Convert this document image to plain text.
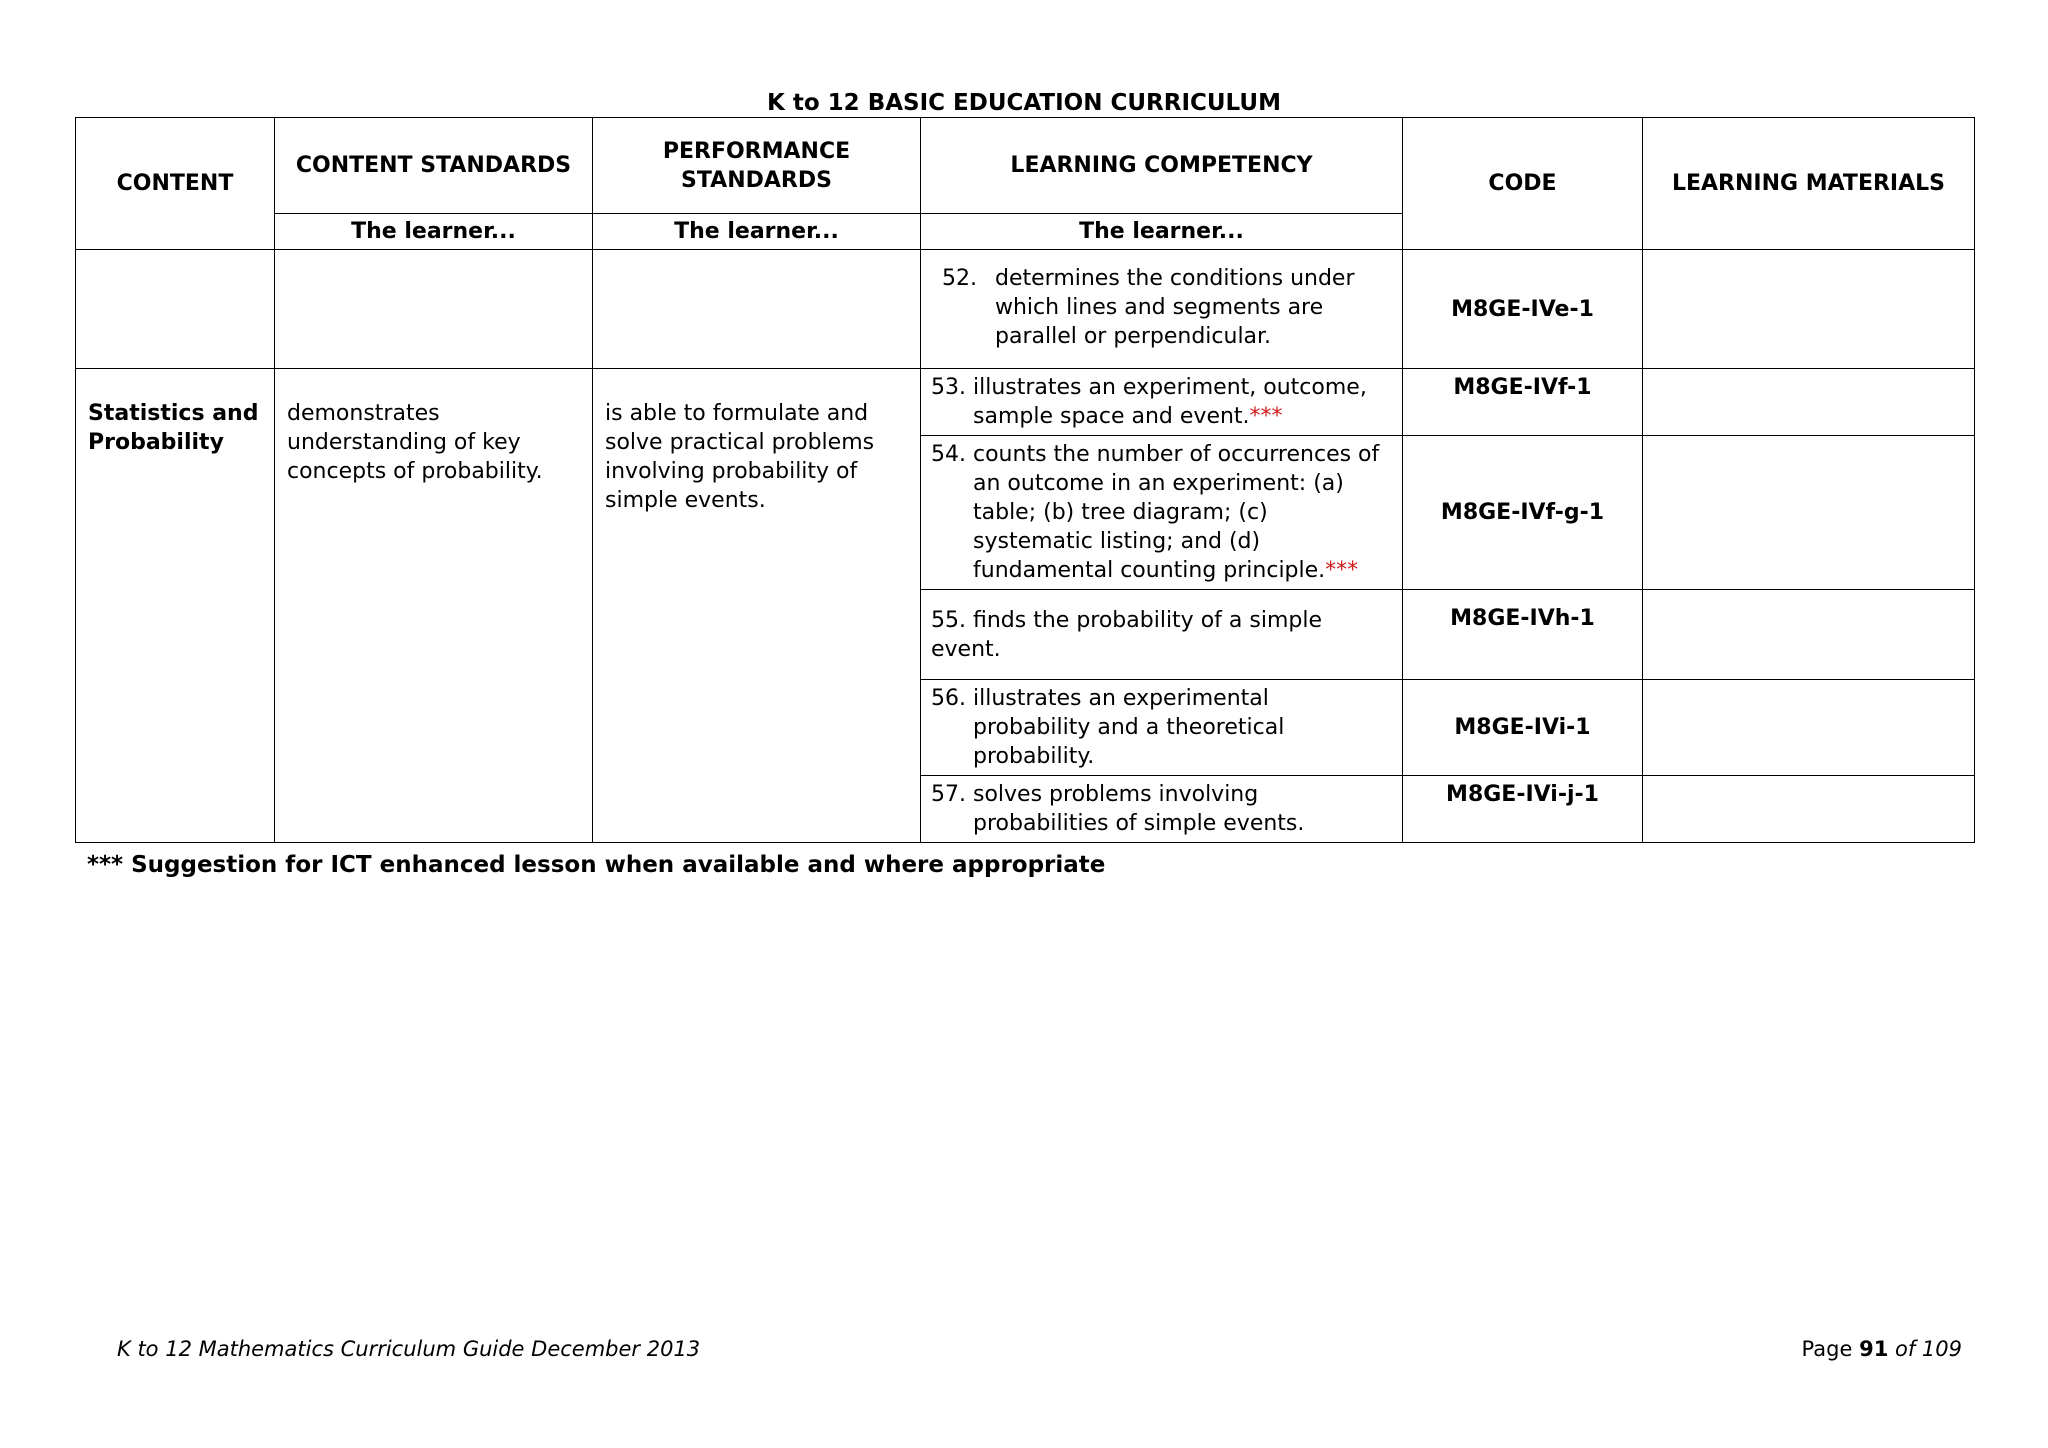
K to 12 BASIC EDUCATION CURRICULUM
CONTENT	CONTENT STANDARDS	PERFORMANCE STANDARDS	LEARNING COMPETENCY	CODE	LEARNING MATERIALS
	The learner...	The learner...	The learner...		

			52. determines the conditions under which lines and segments are parallel or perpendicular.	M8GE-IVe-1	
Statistics and Probability	demonstrates understanding of key concepts of probability.	is able to formulate and solve practical problems involving probability of simple events.	53. illustrates an experiment, outcome, sample space and event.***	M8GE-IVf-1	

			54. counts the number of occurrences of an outcome in an experiment: (a) table; (b) tree diagram; (c) systematic listing; and (d) fundamental counting principle.***	M8GE-IVf-g-1	
			55. finds the probability of a simple event.	M8GE-IVh-1	

			56. illustrates an experimental probability and a theoretical probability.	M8GE-IVi-1	

			57. solves problems involving probabilities of simple events.	M8GE-IVi-j-1	
*** Suggestion for ICT enhanced lesson when available and where appropriate
K to 12 Mathematics Curriculum Guide December 2013	Page 91 of 109
